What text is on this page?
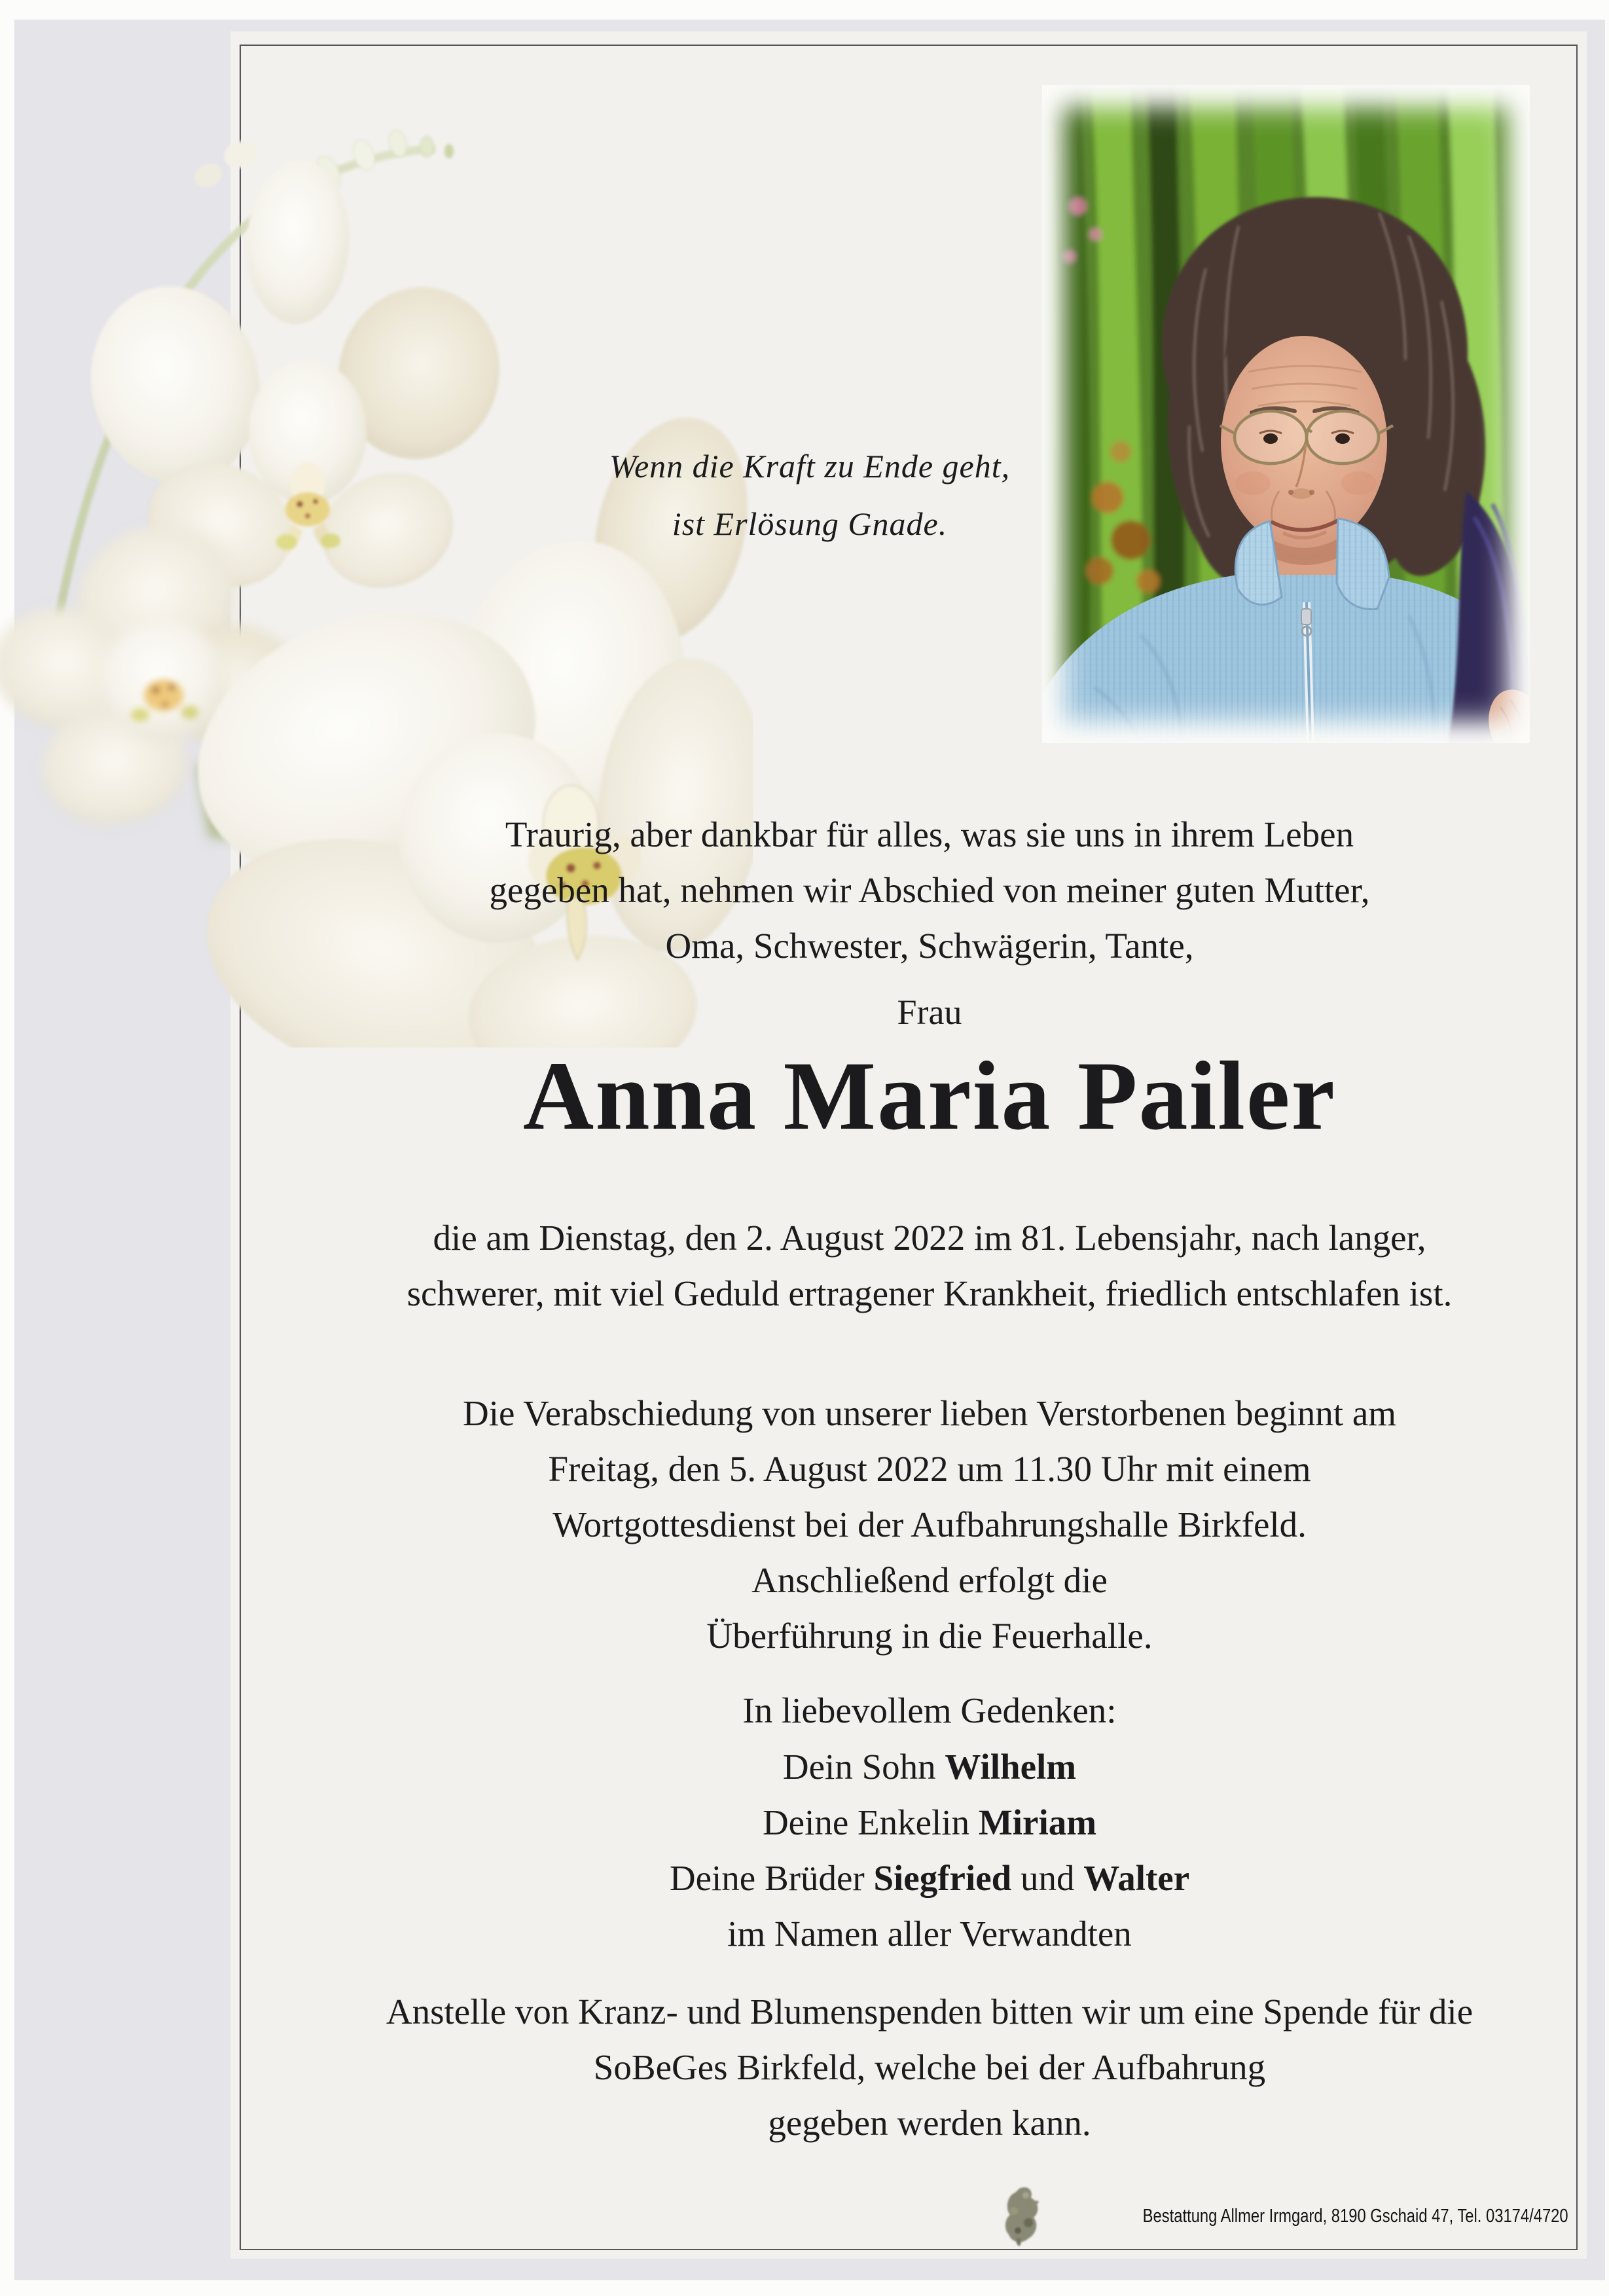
Wenn die Kraft zu Ende geht,
ist Erlösung Gnade.
Traurig, aber dankbar für alles, was sie uns in ihrem Leben
gegeben hat, nehmen wir Abschied von meiner guten Mutter,
Oma, Schwester, Schwägerin, Tante,
Frau
Anna Maria Pailer
die am Dienstag, den 2. August 2022 im 81. Lebensjahr, nach langer,
schwerer, mit viel Geduld ertragener Krankheit, friedlich entschlafen ist.
Die Verabschiedung von unserer lieben Verstorbenen beginnt am
Freitag, den 5. August 2022 um 11.30 Uhr mit einem
Wortgottesdienst bei der Aufbahrungshalle Birkfeld.
Anschließend erfolgt die
Überführung in die Feuerhalle.
In liebevollem Gedenken:
Dein Sohn Wilhelm
Deine Enkelin Miriam
Deine Brüder Siegfried und Walter
im Namen aller Verwandten
Anstelle von Kranz- und Blumenspenden bitten wir um eine Spende für die
SoBeGes Birkfeld, welche bei der Aufbahrung
gegeben werden kann.
Bestattung Allmer Irmgard, 8190 Gschaid 47, Tel. 03174/4720
